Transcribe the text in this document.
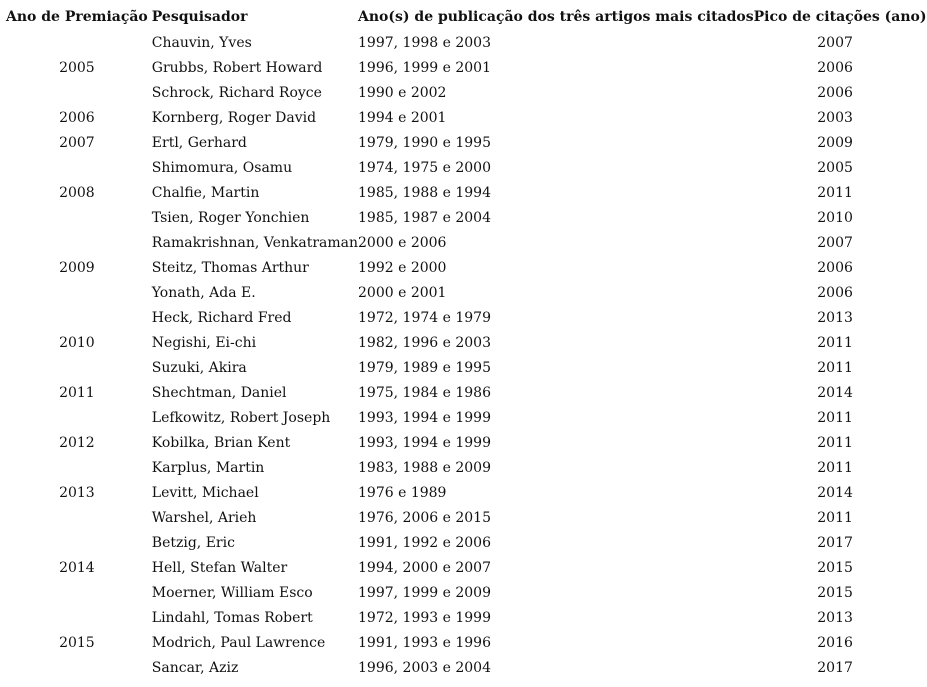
Ano de Premiação	Pesquisador	Ano(s) de publicação dos três artigos mais citados	Pico de citações (ano)
	Chauvin, Yves	1997, 1998 e 2003	2007
2005	Grubbs, Robert Howard	1996, 1999 e 2001	2006
	Schrock, Richard Royce	1990 e 2002	2006
2006	Kornberg, Roger David	1994 e 2001	2003
2007	Ertl, Gerhard	1979, 1990 e 1995	2009
	Shimomura, Osamu	1974, 1975 e 2000	2005
2008	Chalfie, Martin	1985, 1988 e 1994	2011
	Tsien, Roger Yonchien	1985, 1987 e 2004	2010
	Ramakrishnan, Venkatraman	2000 e 2006	2007
2009	Steitz, Thomas Arthur	1992 e 2000	2006
	Yonath, Ada E.	2000 e 2001	2006
	Heck, Richard Fred	1972, 1974 e 1979	2013
2010	Negishi, Ei-chi	1982, 1996 e 2003	2011
	Suzuki, Akira	1979, 1989 e 1995	2011
2011	Shechtman, Daniel	1975, 1984 e 1986	2014
	Lefkowitz, Robert Joseph	1993, 1994 e 1999	2011
2012	Kobilka, Brian Kent	1993, 1994 e 1999	2011
	Karplus, Martin	1983, 1988 e 2009	2011
2013	Levitt, Michael	1976 e 1989	2014
	Warshel, Arieh	1976, 2006 e 2015	2011
	Betzig, Eric	1991, 1992 e 2006	2017
2014	Hell, Stefan Walter	1994, 2000 e 2007	2015
	Moerner, William Esco	1997, 1999 e 2009	2015
	Lindahl, Tomas Robert	1972, 1993 e 1999	2013
2015	Modrich, Paul Lawrence	1991, 1993 e 1996	2016
	Sancar, Aziz	1996, 2003 e 2004	2017
